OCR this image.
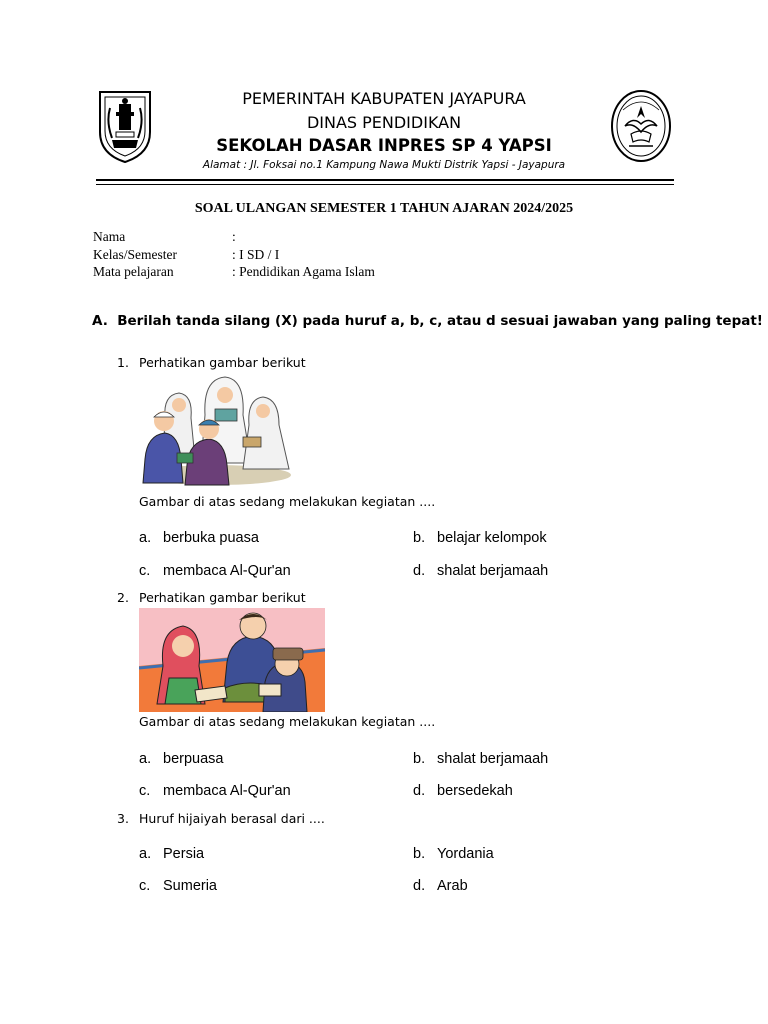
PEMERINTAH KABUPATEN JAYAPURA
DINAS PENDIDIKAN
SEKOLAH DASAR INPRES SP 4 YAPSI
Alamat : Jl. Foksai no.1 Kampung Nawa Mukti Distrik Yapsi - Jayapura
SOAL ULANGAN SEMESTER 1 TAHUN AJARAN 2024/2025
Nama	:
Kelas/Semester	: I SD / I
Mata pelajaran	: Pendidikan Agama Islam
A.  Berilah tanda silang (X) pada huruf a, b, c, atau d sesuai jawaban yang paling tepat!
1. Perhatikan gambar berikut
Gambar di atas sedang melakukan kegiatan ....
a. berbuka puasa	b. belajar kelompok
c. membaca Al-Qur'an	d. shalat berjamaah
2. Perhatikan gambar berikut
Gambar di atas sedang melakukan kegiatan ....
a. berpuasa	b. shalat berjamaah
c. membaca Al-Qur'an	d. bersedekah
3. Huruf hijaiyah berasal dari ....
a. Persia	b. Yordania
c. Sumeria	d. Arab
